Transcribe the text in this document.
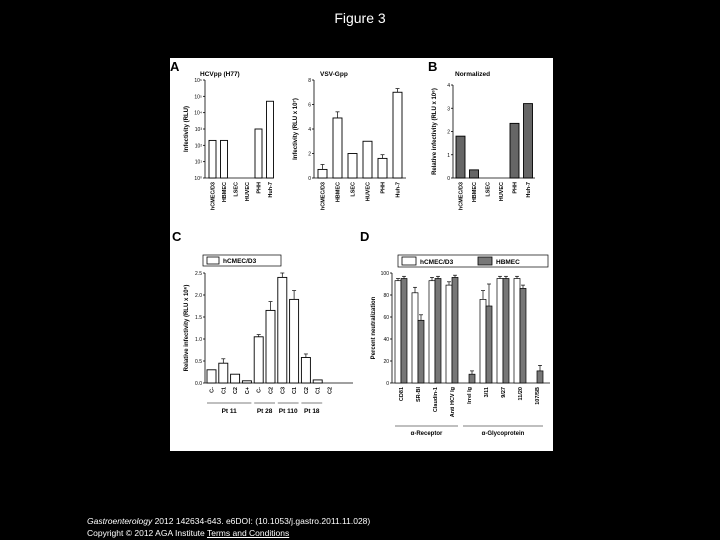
Figure 3
10⁰
10¹
10²
10³
10⁴
10⁵
10⁶
Infectivity (RLU)
HCVpp (H77)
A
hCMEC/D3 HBMEC LSEC HUVEC PHH Huh-7
0
2
4
6
8
Infectivity (RLU x 10⁷)
VSV-Gpp
hCMEC/D3 HBMEC LSEC HUVEC PHH Huh-7
0
1
2
3
4
Relative infectivity (RLU x 10⁶)
Normalized
B
hCMEC/D3 HBMEC LSEC HUVEC PHH Huh-7
0.0
0.5
1.0
1.5
2.0
2.5
Relative infectivity (RLU x 10⁶)
C
C- C1 C2 C+ C- C2 C3 C1 C2 C1 C2
Pt 11	Pt 28 Pt 110 Pt 18
hCMEC/D3
0
20
40
60
80
100
Percent neutralization
D
CD81 SR-BI Claudin-1 Anti HCV Ig Irrel Ig 3/11 9/27 11/20 107/5B
α-Receptor	α-Glycoprotein
hCMEC/D3	HBMEC
Gastroenterology 2012 142634-643. e6DOI: (10.1053/j.gastro.2011.11.028)
Copyright © 2012 AGA Institute Terms and Conditions
